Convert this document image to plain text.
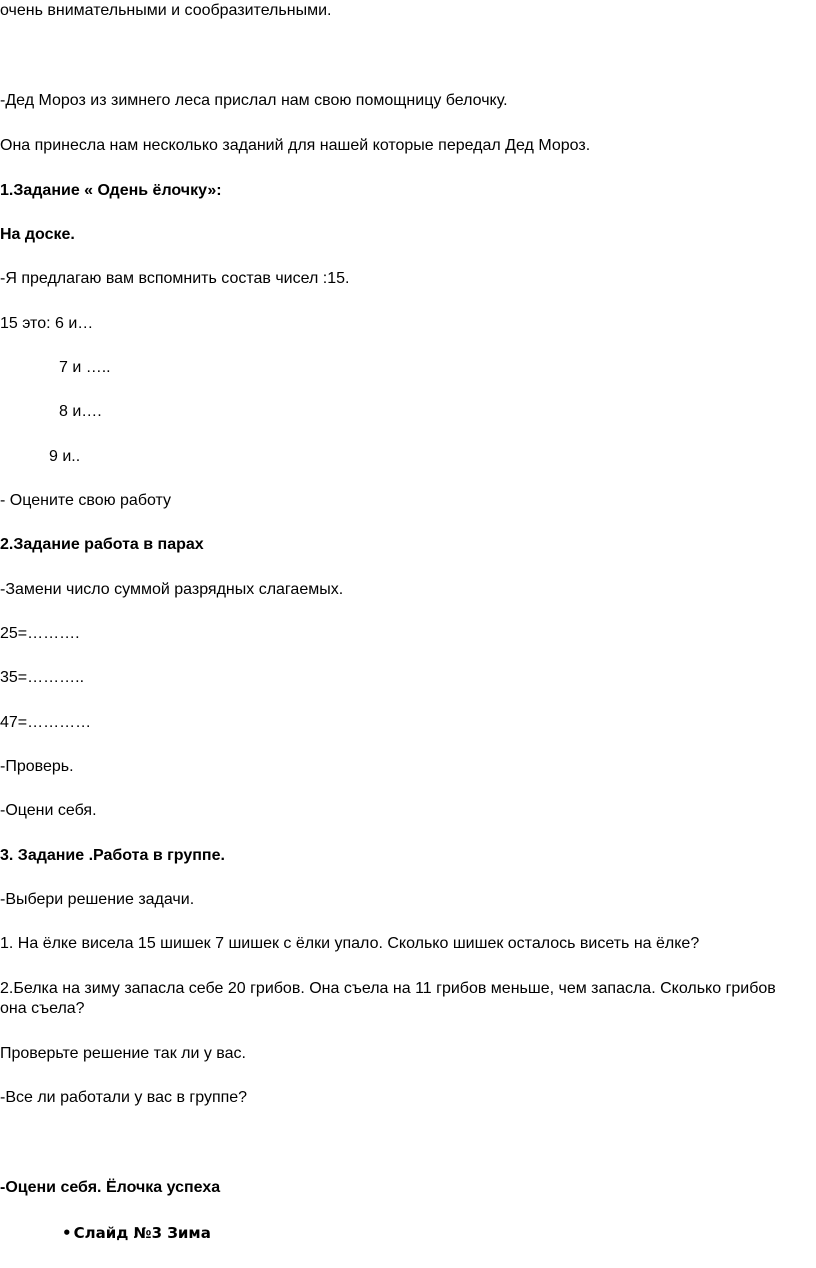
очень внимательными и сообразительными.
-Дед Мороз из зимнего леса прислал нам свою помощницу белочку.
Она принесла нам несколько заданий для нашей которые передал Дед Мороз.
1.Задание « Одень ёлочку»:
На доске.
-Я предлагаю вам вспомнить состав чисел :15.
15 это: 6 и…
7 и …..
8 и….
9 и..
- Оцените свою работу
2.Задание работа в парах
-Замени число суммой разрядных слагаемых.
25=……….
35=………..
47=…………
-Проверь.
-Оцени себя.
3. Задание .Работа в группе.
-Выбери решение задачи.
1. На ёлке висела 15 шишек 7 шишек с ёлки упало. Сколько шишек осталось висеть на ёлке?
2.Белка на зиму запасла себе 20 грибов. Она съела на 11 грибов меньше, чем запасла. Сколько грибов она съела?
Проверьте решение так ли у вас.
-Все ли работали у вас в группе?
-Оцени себя. Ёлочка успеха
• Слайд №3 Зима
